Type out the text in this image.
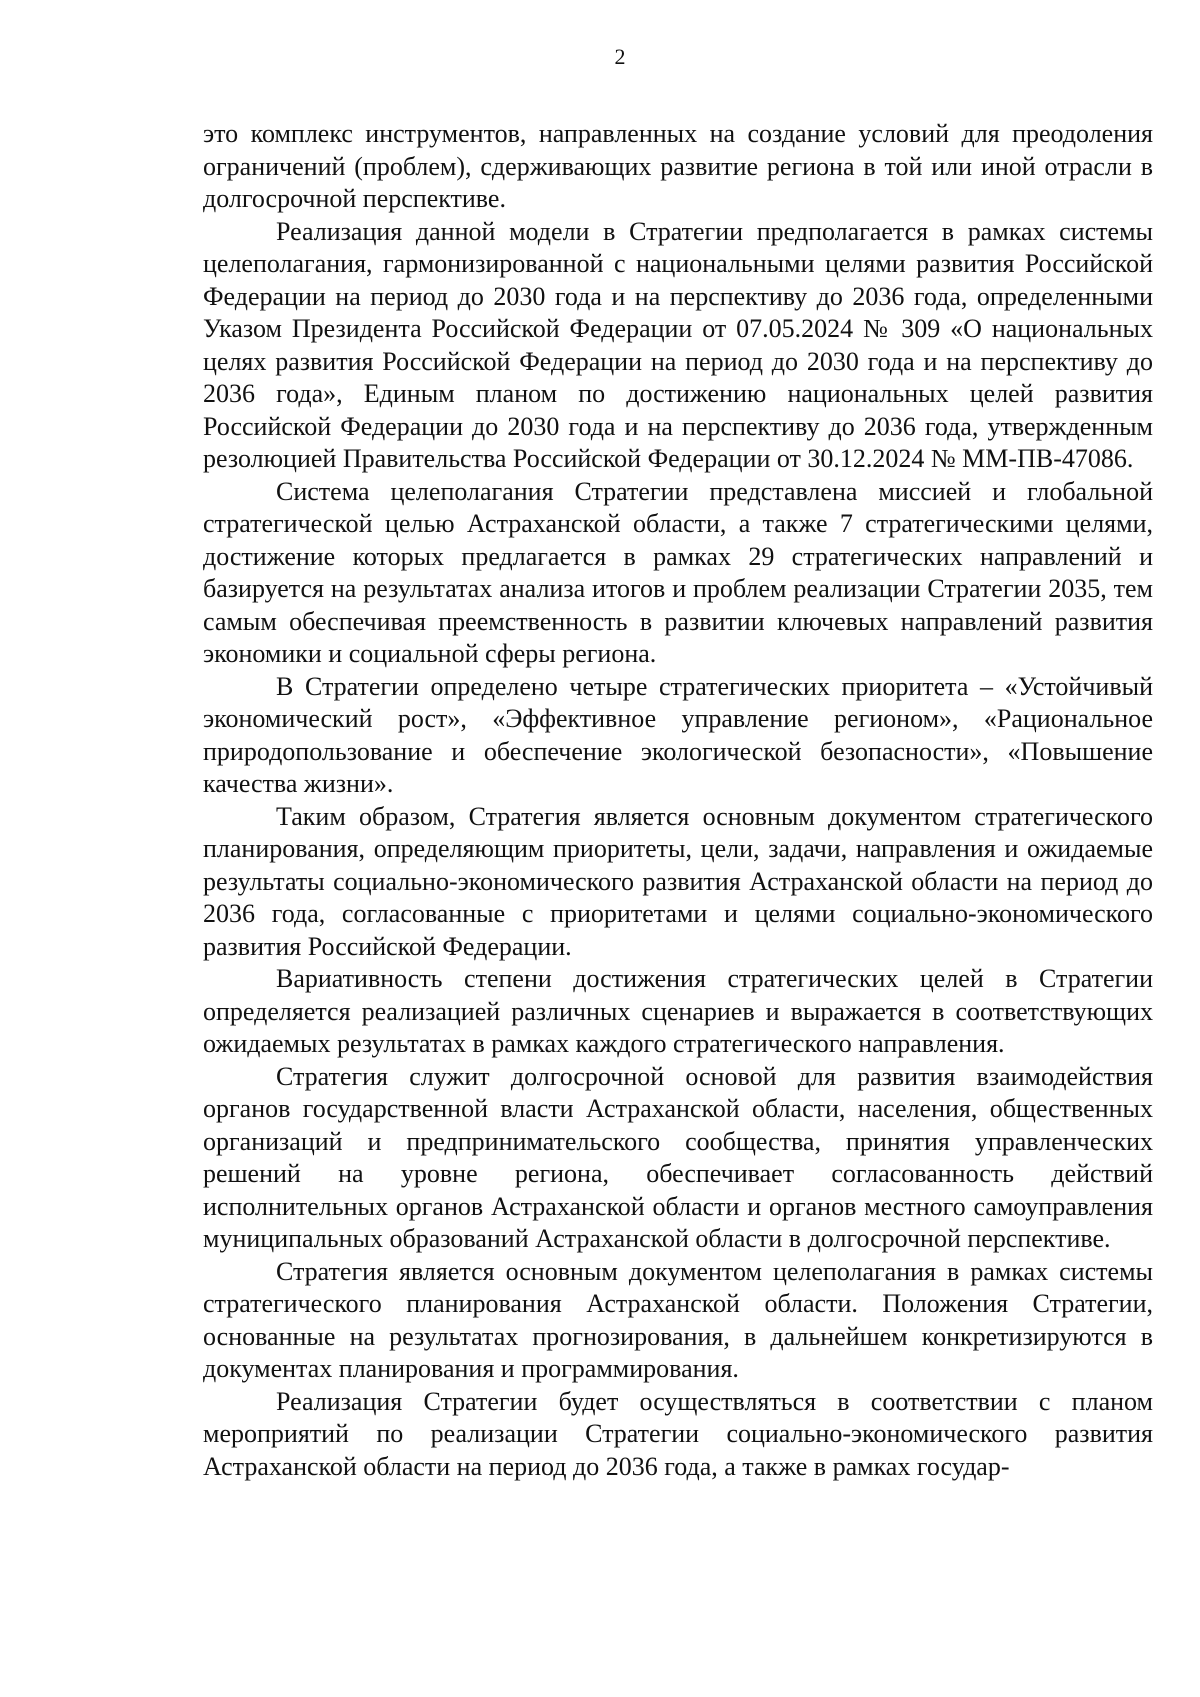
2

это комплекс инструментов, направленных на создание условий для преодоления ограничений (проблем), сдерживающих развитие региона в той или иной отрасли в долгосрочной перспективе.

Реализация данной модели в Стратегии предполагается в рамках системы целеполагания, гармонизированной с национальными целями развития Российской Федерации на период до 2030 года и на перспективу до 2036 года, определенными Указом Президента Российской Федерации от 07.05.2024 № 309 «О национальных целях развития Российской Федерации на период до 2030 года и на перспективу до 2036 года», Единым планом по достижению национальных целей развития Российской Федерации до 2030 года и на перспективу до 2036 года, утвержденным резолюцией Правительства Российской Федерации от 30.12.2024 № ММ-ПВ-47086.

Система целеполагания Стратегии представлена миссией и глобальной стратегической целью Астраханской области, а также 7 стратегическими целями, достижение которых предлагается в рамках 29 стратегических направлений и базируется на результатах анализа итогов и проблем реализации Стратегии 2035, тем самым обеспечивая преемственность в развитии ключевых направлений развития экономики и социальной сферы региона.

В Стратегии определено четыре стратегических приоритета – «Устойчивый экономический рост», «Эффективное управление регионом», «Рациональное природопользование и обеспечение экологической безопасности», «Повышение качества жизни».

Таким образом, Стратегия является основным документом стратегического планирования, определяющим приоритеты, цели, задачи, направления и ожидаемые результаты социально-экономического развития Астраханской области на период до 2036 года, согласованные с приоритетами и целями социально-экономического развития Российской Федерации.

Вариативность степени достижения стратегических целей в Стратегии определяется реализацией различных сценариев и выражается в соответствующих ожидаемых результатах в рамках каждого стратегического направления.

Стратегия служит долгосрочной основой для развития взаимодействия органов государственной власти Астраханской области, населения, общественных организаций и предпринимательского сообщества, принятия управленческих решений на уровне региона, обеспечивает согласованность действий исполнительных органов Астраханской области и органов местного самоуправления муниципальных образований Астраханской области в долгосрочной перспективе.

Стратегия является основным документом целеполагания в рамках системы стратегического планирования Астраханской области. Положения Стратегии, основанные на результатах прогнозирования, в дальнейшем конкретизируются в документах планирования и программирования.

Реализация Стратегии будет осуществляться в соответствии с планом мероприятий по реализации Стратегии социально-экономического развития Астраханской области на период до 2036 года, а также в рамках государ-
